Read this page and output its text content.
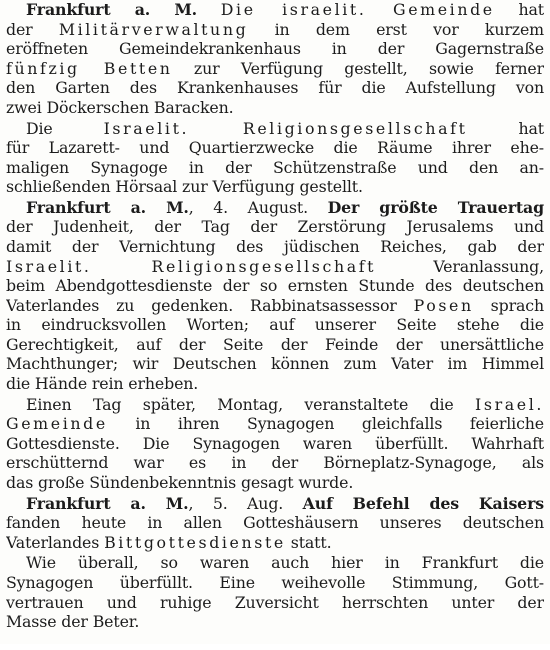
Frankfurt a. M. Die israelit. Gemeinde hat
der Militärverwaltung in dem erst vor kurzem
eröffneten Gemeindekrankenhaus in der Gagernstraße
fünfzig Betten zur Verfügung gestellt, sowie ferner
den Garten des Krankenhauses für die Aufstellung von
zwei Döckerschen Baracken.
Die Israelit. Religionsgesellschaft hat
für Lazarett- und Quartierzwecke die Räume ihrer ehe-
maligen Synagoge in der Schützenstraße und den an-
schließenden Hörsaal zur Verfügung gestellt.
Frankfurt a. M., 4. August. Der größte Trauertag
der Judenheit, der Tag der Zerstörung Jerusalems und
damit der Vernichtung des jüdischen Reiches, gab der
Israelit. Religionsgesellschaft Veranlassung,
beim Abendgottesdienste der so ernsten Stunde des deutschen
Vaterlandes zu gedenken. Rabbinatsassessor Posen sprach
in eindrucksvollen Worten; auf unserer Seite stehe die
Gerechtigkeit, auf der Seite der Feinde der unersättliche
Machthunger; wir Deutschen können zum Vater im Himmel
die Hände rein erheben.
Einen Tag später, Montag, veranstaltete die Israel.
Gemeinde in ihren Synagogen gleichfalls feierliche
Gottesdienste. Die Synagogen waren überfüllt. Wahrhaft
erschütternd war es in der Börneplatz-Synagoge, als
das große Sündenbekenntnis gesagt wurde.
Frankfurt a. M., 5. Aug. Auf Befehl des Kaisers
fanden heute in allen Gotteshäusern unseres deutschen
Vaterlandes Bittgottesdienste statt.
Wie überall, so waren auch hier in Frankfurt die
Synagogen überfüllt. Eine weihevolle Stimmung, Gott-
vertrauen und ruhige Zuversicht herrschten unter der
Masse der Beter.
